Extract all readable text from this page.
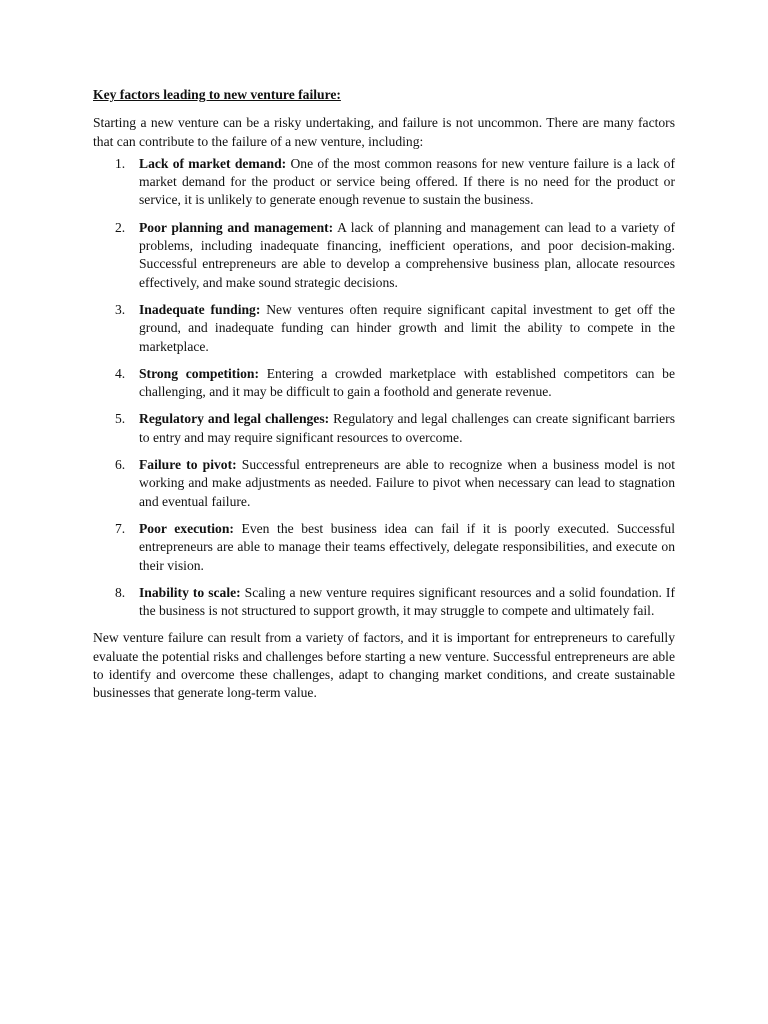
Key factors leading to new venture failure:

Starting a new venture can be a risky undertaking, and failure is not uncommon. There are many factors that can contribute to the failure of a new venture, including:

1. Lack of market demand: One of the most common reasons for new venture failure is a lack of market demand for the product or service being offered. If there is no need for the product or service, it is unlikely to generate enough revenue to sustain the business.
2. Poor planning and management: A lack of planning and management can lead to a variety of problems, including inadequate financing, inefficient operations, and poor decision-making. Successful entrepreneurs are able to develop a comprehensive business plan, allocate resources effectively, and make sound strategic decisions.
3. Inadequate funding: New ventures often require significant capital investment to get off the ground, and inadequate funding can hinder growth and limit the ability to compete in the marketplace.
4. Strong competition: Entering a crowded marketplace with established competitors can be challenging, and it may be difficult to gain a foothold and generate revenue.
5. Regulatory and legal challenges: Regulatory and legal challenges can create significant barriers to entry and may require significant resources to overcome.
6. Failure to pivot: Successful entrepreneurs are able to recognize when a business model is not working and make adjustments as needed. Failure to pivot when necessary can lead to stagnation and eventual failure.
7. Poor execution: Even the best business idea can fail if it is poorly executed. Successful entrepreneurs are able to manage their teams effectively, delegate responsibilities, and execute on their vision.
8. Inability to scale: Scaling a new venture requires significant resources and a solid foundation. If the business is not structured to support growth, it may struggle to compete and ultimately fail.

New venture failure can result from a variety of factors, and it is important for entrepreneurs to carefully evaluate the potential risks and challenges before starting a new venture. Successful entrepreneurs are able to identify and overcome these challenges, adapt to changing market conditions, and create sustainable businesses that generate long-term value.
